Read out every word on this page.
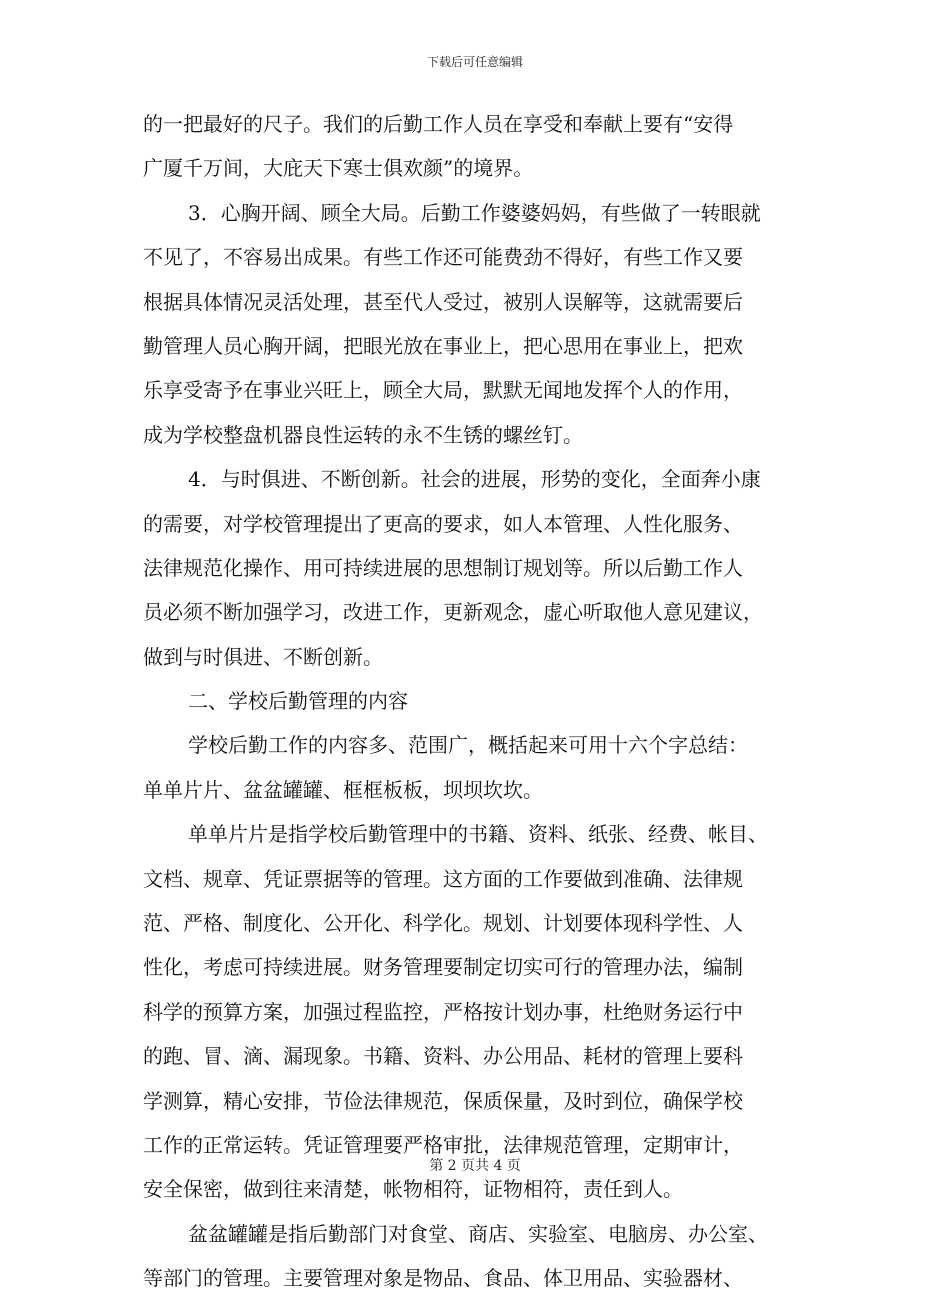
下载后可任意编辑
的一把最好的尺子。我们的后勤工作人员在享受和奉献上要有“安得
广厦千万间，大庇天下寒士俱欢颜”的境界。
3．心胸开阔、顾全大局。后勤工作婆婆妈妈，有些做了一转眼就
不见了，不容易出成果。有些工作还可能费劲不得好，有些工作又要
根据具体情况灵活处理，甚至代人受过，被别人误解等，这就需要后
勤管理人员心胸开阔，把眼光放在事业上，把心思用在事业上，把欢
乐享受寄予在事业兴旺上，顾全大局，默默无闻地发挥个人的作用，
成为学校整盘机器良性运转的永不生锈的螺丝钉。
4．与时俱进、不断创新。社会的进展，形势的变化，全面奔小康
的需要，对学校管理提出了更高的要求，如人本管理、人性化服务、
法律规范化操作、用可持续进展的思想制订规划等。所以后勤工作人
员必须不断加强学习，改进工作，更新观念，虚心听取他人意见建议，
做到与时俱进、不断创新。
二、学校后勤管理的内容
学校后勤工作的内容多、范围广，概括起来可用十六个字总结：
单单片片、盆盆罐罐、框框板板，坝坝坎坎。
单单片片是指学校后勤管理中的书籍、资料、纸张、经费、帐目、
文档、规章、凭证票据等的管理。这方面的工作要做到准确、法律规
范、严格、制度化、公开化、科学化。规划、计划要体现科学性、人
性化，考虑可持续进展。财务管理要制定切实可行的管理办法，编制
科学的预算方案，加强过程监控，严格按计划办事，杜绝财务运行中
的跑、冒、滴、漏现象。书籍、资料、办公用品、耗材的管理上要科
学测算，精心安排，节俭法律规范，保质保量，及时到位，确保学校
工作的正常运转。凭证管理要严格审批，法律规范管理，定期审计，
安全保密，做到往来清楚，帐物相符，证物相符，责任到人。
盆盆罐罐是指后勤部门对食堂、商店、实验室、电脑房、办公室、
等部门的管理。主要管理对象是物品、食品、体卫用品、实验器材、
第 2 页共 4 页
